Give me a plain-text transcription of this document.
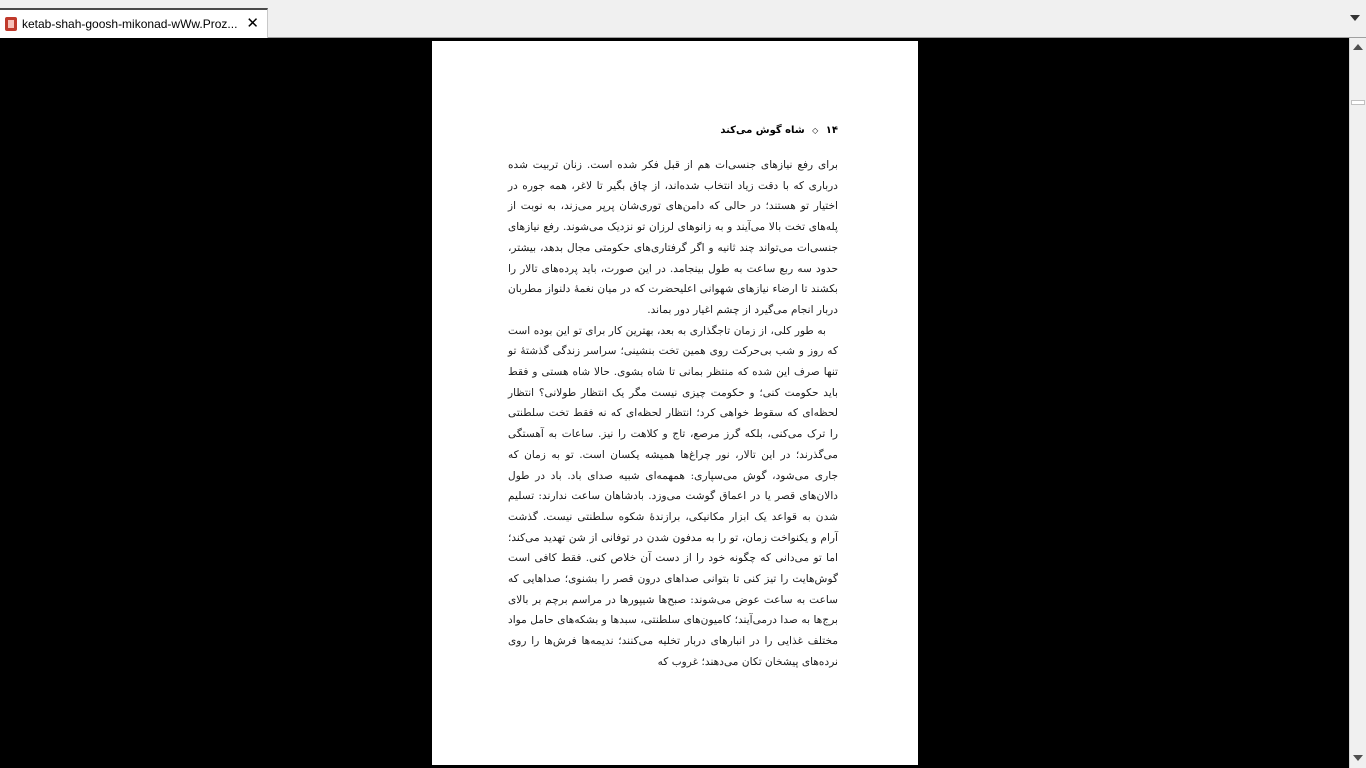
ketab-shah-goosh-mikonad-wWw.Proz... ✕
۱۴ ◇ شاه گوش می‌کند

برای رفع نیازهای جنسی‌ات هم از قبل فکر شده است. زنان تربیت شده درباری که با دقت زیاد انتخاب شده‌اند، از چاق بگیر تا لاغر، همه جوره در اختیار تو هستند؛ در حالی که دامن‌های توری‌شان پرپر می‌زند، به نوبت از پله‌های تخت بالا می‌آیند و به زانوهای لرزان تو نزدیک می‌شوند. رفع نیازهای جنسی‌ات می‌تواند چند ثانیه و اگر گرفتاری‌های حکومتی مجال بدهد، بیشتر، حدود سه ربع ساعت به طول بینجامد. در این صورت، باید پرده‌های تالار را بکشند تا ارضاء نیازهای شهوانی اعلیحضرت که در میان نغمهٔ دلنواز مطربان دربار انجام می‌گیرد از چشم اغیار دور بماند.

به طور کلی، از زمان تاجگذاری به بعد، بهترین کار برای تو این بوده است که روز و شب بی‌حرکت روی همین تخت بنشینی؛ سراسر زندگی گذشتهٔ تو تنها صرف این شده که منتظر بمانی تا شاه بشوی. حالا شاه هستی و فقط باید حکومت کنی؛ و حکومت چیزی نیست مگر یک انتظار طولانی؟ انتظار لحظه‌ای که سقوط خواهی کرد؛ انتظار لحظه‌ای که نه فقط تخت سلطنتی را ترک می‌کنی، بلکه گرز مرصع، تاج و کلاهت را نیز. ساعات به آهستگی می‌گذرند؛ در این تالار، نور چراغ‌ها همیشه یکسان است. تو به زمان که جاری می‌شود، گوش می‌سپاری: همهمه‌ای شبیه صدای باد. باد در طول دالان‌های قصر یا در اعماق گوشت می‌وزد. بادشاهان ساعت ندارند: تسلیم شدن به قواعد یک ابزار مکانیکی، برازندهٔ شکوه سلطنتی نیست. گذشت آرام و یکنواخت زمان، تو را به مدفون شدن در توفانی از شن تهدید می‌کند؛ اما تو می‌دانی که چگونه خود را از دست آن خلاص کنی. فقط کافی است گوش‌هایت را تیز کنی تا بتوانی صداهای درون قصر را بشنوی؛ صداهایی که ساعت به ساعت عوض می‌شوند: صبح‌ها شیپورها در مراسم برچم بر بالای برج‌ها به صدا درمی‌آیند؛ کامیون‌های سلطنتی، سبدها و بشکه‌های حامل مواد مختلف غذایی را در انبارهای دربار تخلیه می‌کنند؛ ندیمه‌ها فرش‌ها را روی نرده‌های پیشخان تکان می‌دهند؛ غروب که
